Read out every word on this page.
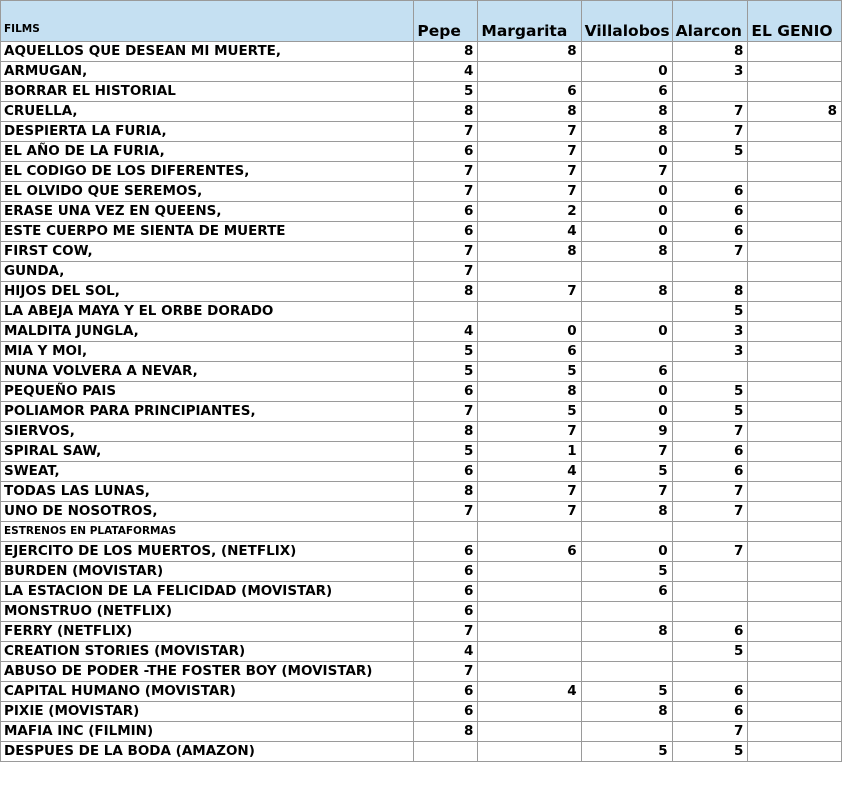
FILMS	Pepe	Margarita	Villalobos	Alarcon	EL GENIO
AQUELLOS QUE DESEAN MI MUERTE,	8	8		8	
ARMUGAN,	4		0	3	
BORRAR EL HISTORIAL	5	6	6		
CRUELLA,	8	8	8	7	8
DESPIERTA LA FURIA,	7	7	8	7	
EL AÑO DE LA FURIA,	6	7	0	5	
EL CODIGO DE LOS DIFERENTES,	7	7	7		
EL OLVIDO QUE SEREMOS,	7	7	0	6	
ERASE UNA VEZ EN QUEENS,	6	2	0	6	
ESTE CUERPO ME SIENTA DE MUERTE	6	4	0	6	
FIRST COW,	7	8	8	7	
GUNDA,	7				
HIJOS DEL SOL,	8	7	8	8	
LA ABEJA MAYA Y EL ORBE DORADO				5	
MALDITA JUNGLA,	4	0	0	3	
MIA Y MOI,	5	6		3	
NUNA VOLVERA A NEVAR,	5	5	6		
PEQUEÑO PAIS	6	8	0	5	
POLIAMOR PARA PRINCIPIANTES,	7	5	0	5	
SIERVOS,	8	7	9	7	
SPIRAL SAW,	5	1	7	6	
SWEAT,	6	4	5	6	
TODAS LAS LUNAS,	8	7	7	7	
UNO DE NOSOTROS,	7	7	8	7	
ESTRENOS EN PLATAFORMAS					
EJERCITO DE LOS MUERTOS, (NETFLIX)	6	6	0	7	
BURDEN (MOVISTAR)	6		5		
LA ESTACION DE LA FELICIDAD (MOVISTAR)	6		6		
MONSTRUO (NETFLIX)	6				
FERRY (NETFLIX)	7		8	6	
CREATION STORIES (MOVISTAR)	4			5	
ABUSO DE PODER -THE FOSTER BOY (MOVISTAR)	7				
CAPITAL HUMANO (MOVISTAR)	6	4	5	6	
PIXIE (MOVISTAR)	6		8	6	
MAFIA INC (FILMIN)	8			7	
DESPUES DE LA BODA (AMAZON)			5	5	
